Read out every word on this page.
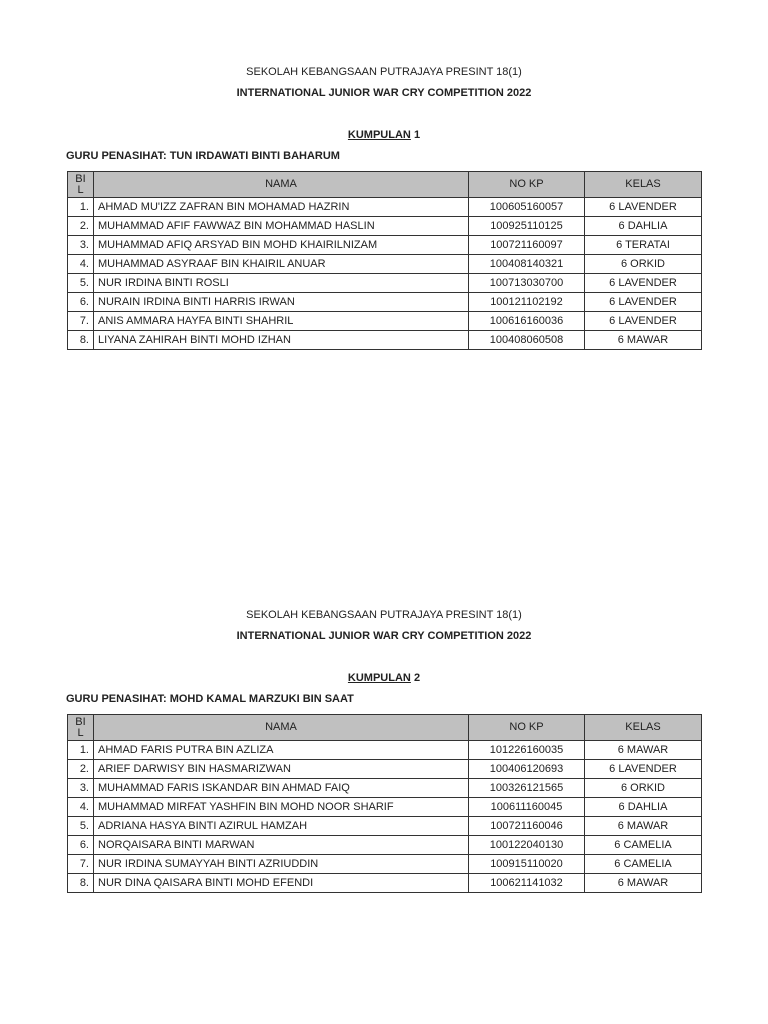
SEKOLAH KEBANGSAAN PUTRAJAYA PRESINT 18(1)
INTERNATIONAL JUNIOR WAR CRY COMPETITION 2022
KUMPULAN 1
GURU PENASIHAT: TUN IRDAWATI BINTI BAHARUM
BI
L	NAMA	NO KP	KELAS
1.	AHMAD MU'IZZ ZAFRAN BIN MOHAMAD HAZRIN	100605160057	6 LAVENDER
2.	MUHAMMAD AFIF FAWWAZ BIN MOHAMMAD HASLIN	100925110125	6 DAHLIA
3.	MUHAMMAD AFIQ ARSYAD BIN MOHD KHAIRILNIZAM	100721160097	6 TERATAI
4.	MUHAMMAD ASYRAAF BIN KHAIRIL ANUAR	100408140321	6 ORKID
5.	NUR IRDINA BINTI ROSLI	100713030700	6 LAVENDER
6.	NURAIN IRDINA BINTI HARRIS IRWAN	100121102192	6 LAVENDER
7.	ANIS AMMARA HAYFA BINTI SHAHRIL	100616160036	6 LAVENDER
8.	LIYANA ZAHIRAH BINTI MOHD IZHAN	100408060508	6 MAWAR
SEKOLAH KEBANGSAAN PUTRAJAYA PRESINT 18(1)
INTERNATIONAL JUNIOR WAR CRY COMPETITION 2022
KUMPULAN 2
GURU PENASIHAT: MOHD KAMAL MARZUKI BIN SAAT
BI
L	NAMA	NO KP	KELAS
1.	AHMAD FARIS PUTRA BIN AZLIZA	101226160035	6 MAWAR
2.	ARIEF DARWISY BIN HASMARIZWAN	100406120693	6 LAVENDER
3.	MUHAMMAD FARIS ISKANDAR BIN AHMAD FAIQ	100326121565	6 ORKID
4.	MUHAMMAD MIRFAT YASHFIN BIN MOHD NOOR SHARIF	100611160045	6 DAHLIA
5.	ADRIANA HASYA BINTI AZIRUL HAMZAH	100721160046	6 MAWAR
6.	NORQAISARA BINTI MARWAN	100122040130	6 CAMELIA
7.	NUR IRDINA SUMAYYAH BINTI AZRIUDDIN	100915110020	6 CAMELIA
8.	NUR DINA QAISARA BINTI MOHD EFENDI	100621141032	6 MAWAR
